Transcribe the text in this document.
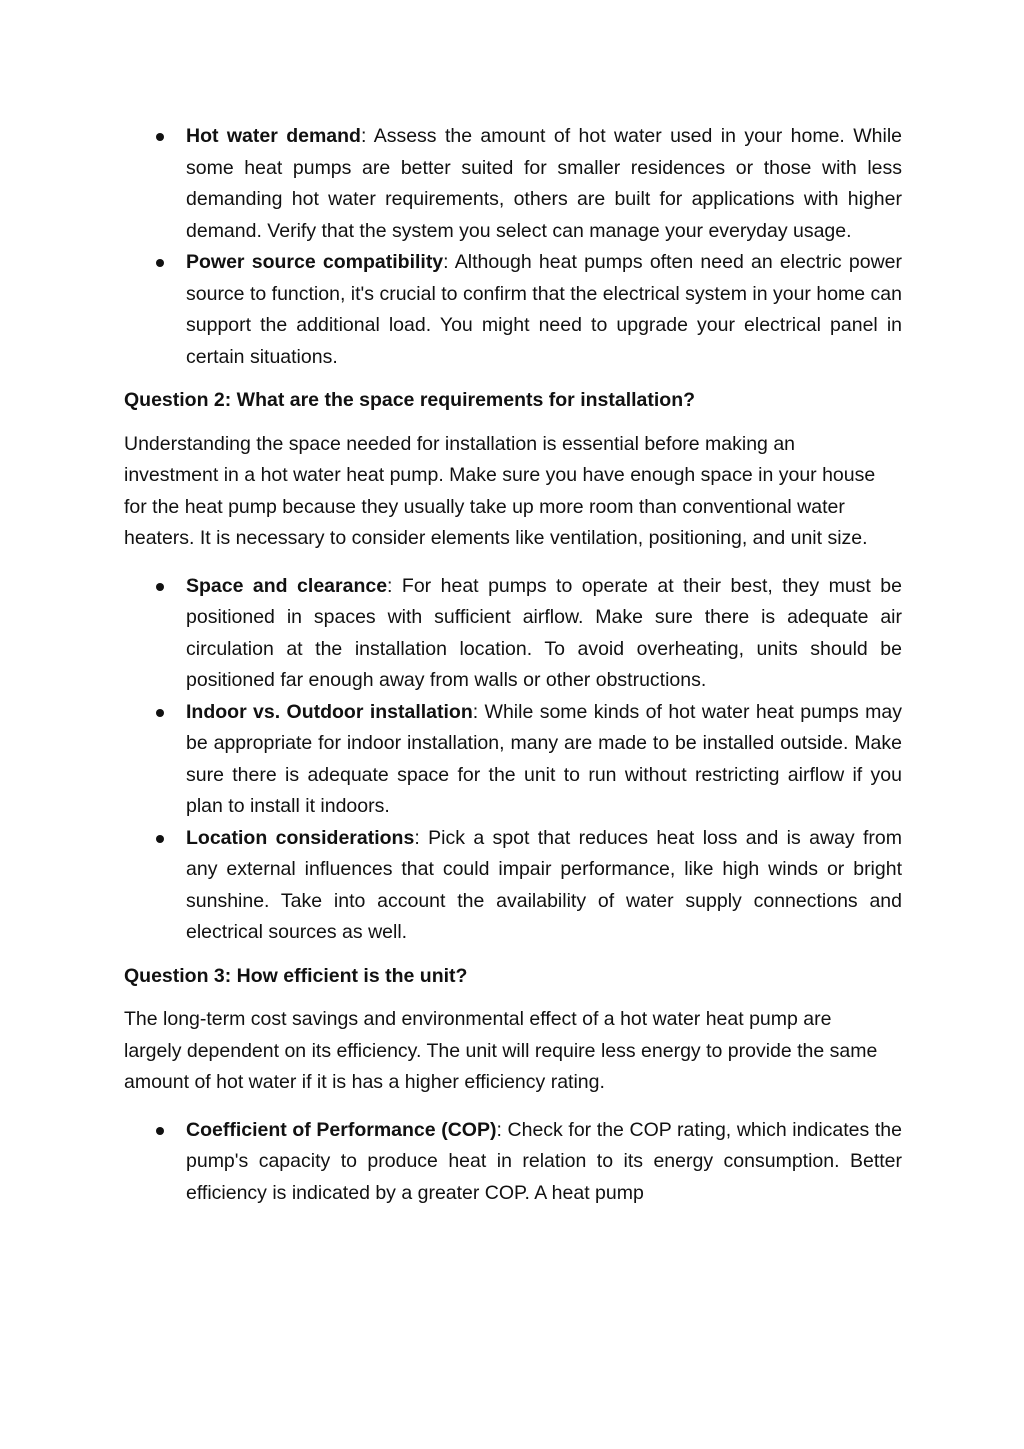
Hot water demand: Assess the amount of hot water used in your home. While some heat pumps are better suited for smaller residences or those with less demanding hot water requirements, others are built for applications with higher demand. Verify that the system you select can manage your everyday usage.
Power source compatibility: Although heat pumps often need an electric power source to function, it's crucial to confirm that the electrical system in your home can support the additional load. You might need to upgrade your electrical panel in certain situations.

Question 2: What are the space requirements for installation?

Understanding the space needed for installation is essential before making an investment in a hot water heat pump. Make sure you have enough space in your house for the heat pump because they usually take up more room than conventional water heaters. It is necessary to consider elements like ventilation, positioning, and unit size.

Space and clearance: For heat pumps to operate at their best, they must be positioned in spaces with sufficient airflow. Make sure there is adequate air circulation at the installation location. To avoid overheating, units should be positioned far enough away from walls or other obstructions.
Indoor vs. Outdoor installation: While some kinds of hot water heat pumps may be appropriate for indoor installation, many are made to be installed outside. Make sure there is adequate space for the unit to run without restricting airflow if you plan to install it indoors.
Location considerations: Pick a spot that reduces heat loss and is away from any external influences that could impair performance, like high winds or bright sunshine. Take into account the availability of water supply connections and electrical sources as well.

Question 3: How efficient is the unit?

The long-term cost savings and environmental effect of a hot water heat pump are largely dependent on its efficiency. The unit will require less energy to provide the same amount of hot water if it is has a higher efficiency rating.

Coefficient of Performance (COP): Check for the COP rating, which indicates the pump's capacity to produce heat in relation to its energy consumption. Better efficiency is indicated by a greater COP. A heat pump
